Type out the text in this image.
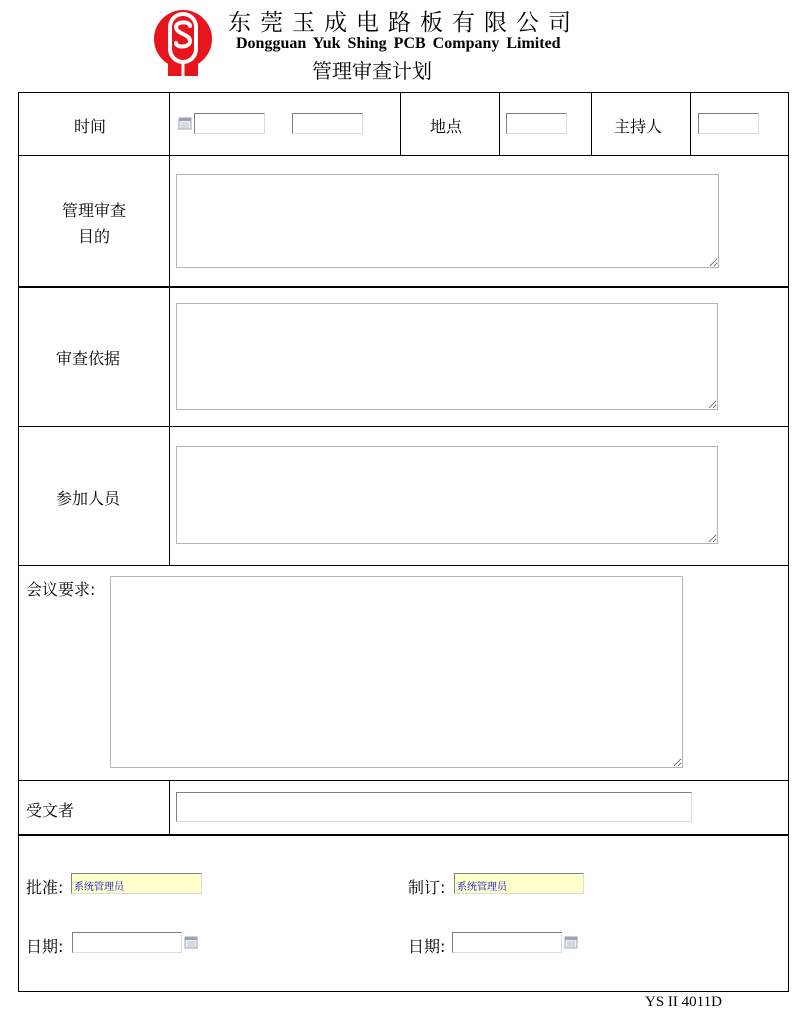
东莞玉成电路板有限公司
Dongguan Yuk Shing PCB Company Limited
管理审查计划
时间	地点	主持人
管理审查
目的
审查依据
参加人员
会议要求:
受文者
批准:	系统管理员	制订:	系统管理员
日期:	日期:
YS II 4011D
